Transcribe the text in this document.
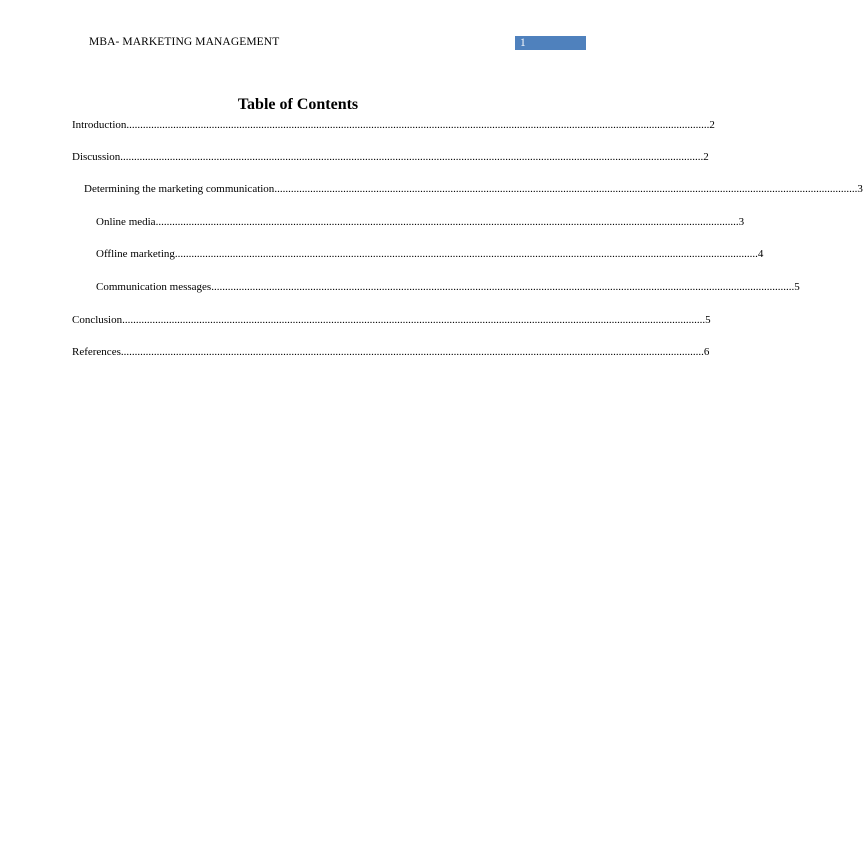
MBA- MARKETING MANAGEMENT	1
Table of Contents
Introduction .................................................................................................................................................................................................................... 2
Discussion .................................................................................................................................................................................................................... 2
Determining the marketing communication .................................................................................................................................................................................................................... 3
Online media .................................................................................................................................................................................................................... 3
Offline marketing .................................................................................................................................................................................................................... 4
Communication messages .................................................................................................................................................................................................................... 5
Conclusion .................................................................................................................................................................................................................... 5
References .................................................................................................................................................................................................................... 6
